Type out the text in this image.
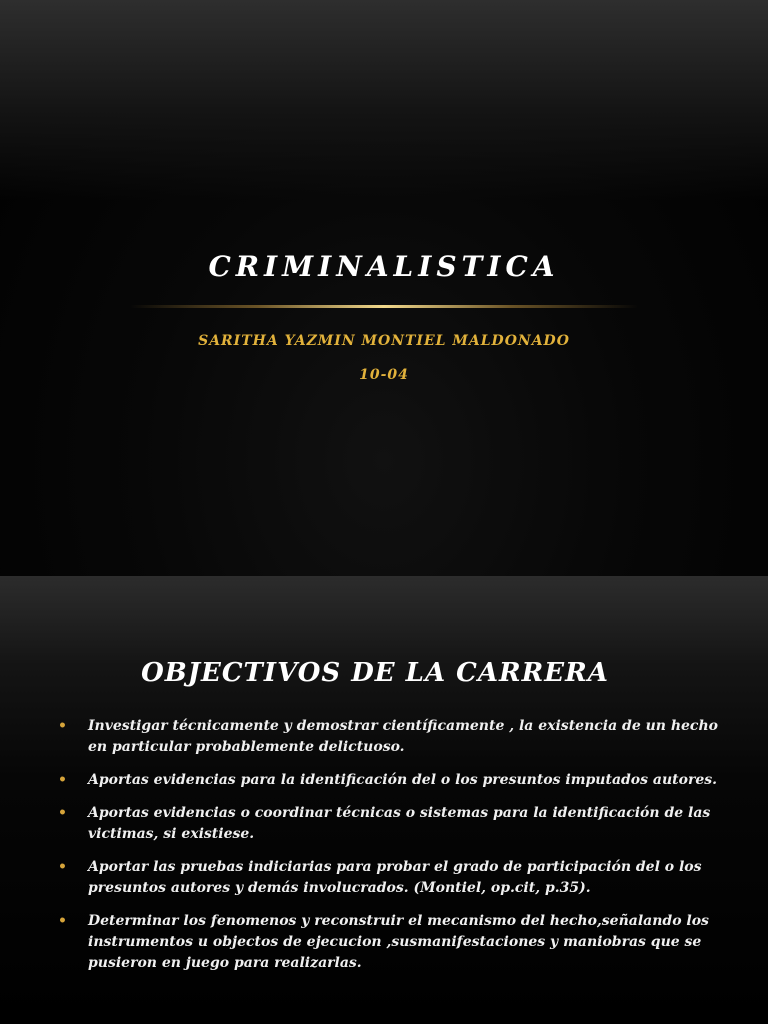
CRIMINALISTICA
SARITHA YAZMIN MONTIEL MALDONADO
10-04
OBJECTIVOS DE LA CARRERA
• Investigar técnicamente y demostrar científicamente , la existencia de un hecho en particular probablemente delictuoso.
• Aportas evidencias para la identificación del o los presuntos imputados autores.
• Aportas evidencias o coordinar técnicas o sistemas para la identificación de las victimas, si existiese.
• Aportar las pruebas indiciarias para probar el grado de participación del o los presuntos autores y demás involucrados. (Montiel, op.cit, p.35).
• Determinar los fenomenos y reconstruir el mecanismo del hecho,señalando los instrumentos u objectos de ejecucion ,susmanifestaciones y maniobras que se pusieron en juego para realizarlas.
